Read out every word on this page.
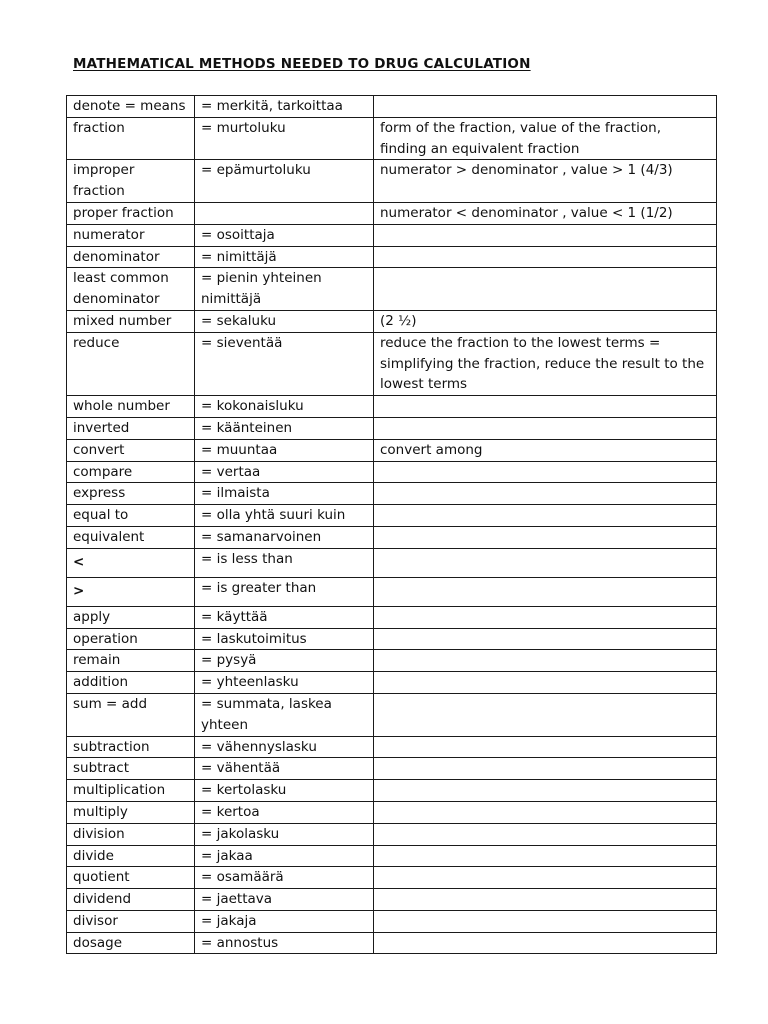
MATHEMATICAL METHODS NEEDED TO DRUG CALCULATION
denote = means	= merkitä, tarkoittaa	
fraction	= murtoluku	form of the fraction, value of the fraction, finding an equivalent fraction
improper fraction	= epämurtoluku	numerator > denominator , value > 1 (4/3)
proper fraction		numerator < denominator , value < 1 (1/2)
numerator	= osoittaja	
denominator	= nimittäjä	
least common denominator	= pienin yhteinen nimittäjä	
mixed number	= sekaluku	(2 ½)
reduce	= sieventää	reduce the fraction to the lowest terms = simplifying the fraction, reduce the result to the lowest terms
whole number	= kokonaisluku	
inverted	= käänteinen	
convert	= muuntaa	convert among
compare	= vertaa	
express	= ilmaista	
equal to	= olla yhtä suuri kuin	
equivalent	= samanarvoinen	
<	= is less than	
>	= is greater than	
apply	= käyttää	
operation	= laskutoimitus	
remain	= pysyä	
addition	= yhteenlasku	
sum = add	= summata, laskea yhteen	
subtraction	= vähennyslasku	
subtract	= vähentää	
multiplication	= kertolasku	
multiply	= kertoa	
division	= jakolasku	
divide	= jakaa	
quotient	= osamäärä	
dividend	= jaettava	
divisor	= jakaja	
dosage	= annostus	
